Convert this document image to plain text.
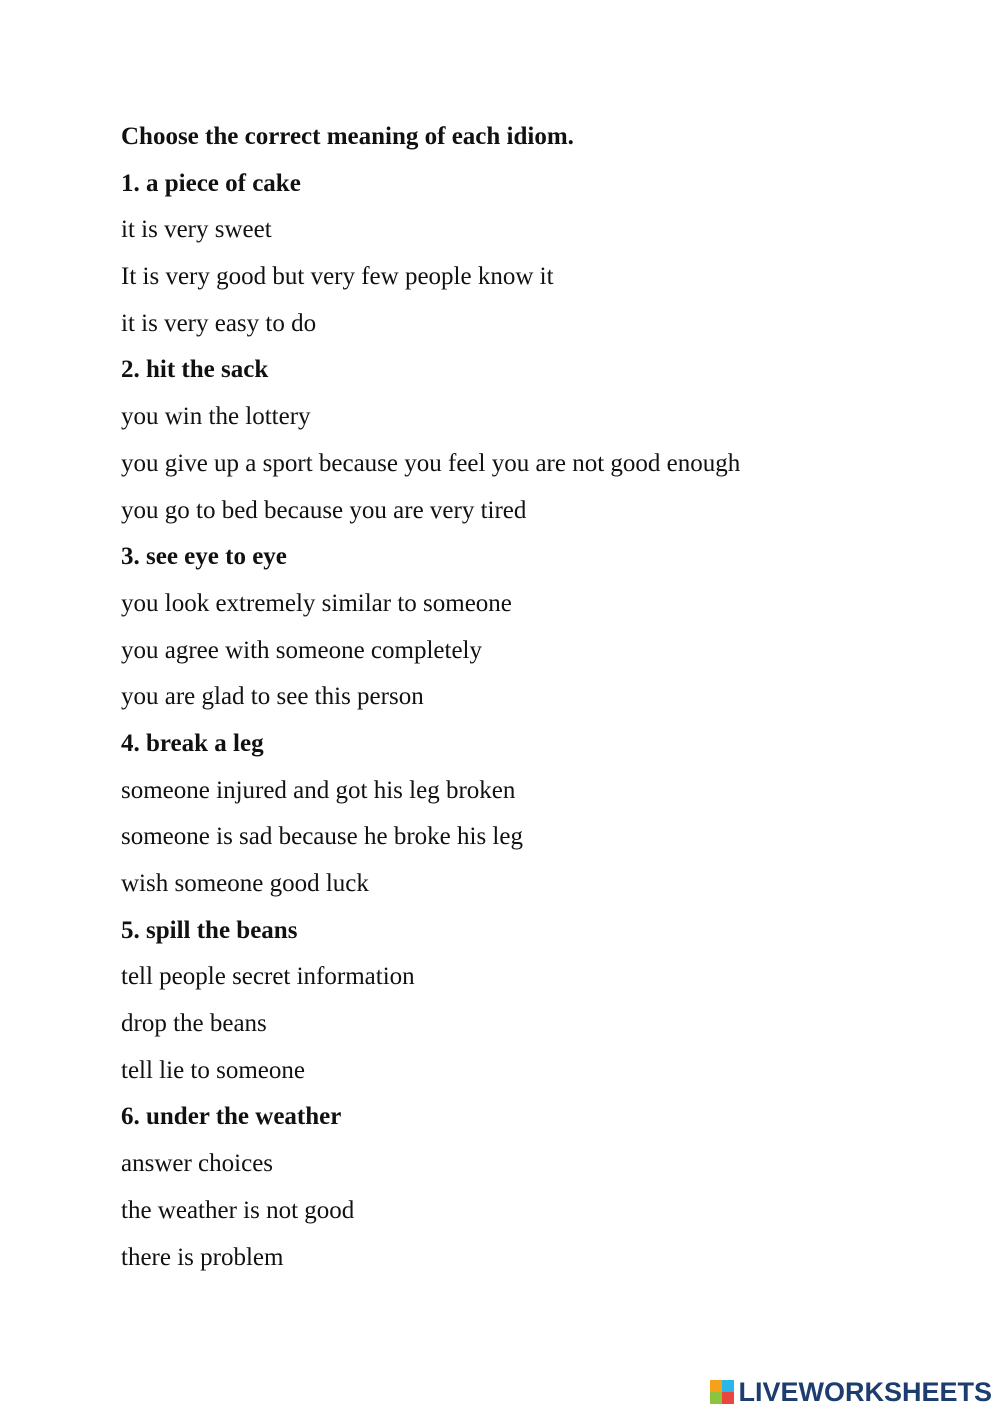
Choose the correct meaning of each idiom.
1. a piece of cake
it is very sweet
It is very good but very few people know it
it is very easy to do
2. hit the sack
you win the lottery
you give up a sport because you feel you are not good enough
you go to bed because you are very tired
3. see eye to eye
you look extremely similar to someone
you agree with someone completely
you are glad to see this person
4. break a leg
someone injured and got his leg broken
someone is sad because he broke his leg
wish someone good luck
5. spill the beans
tell people secret information
drop the beans
tell lie to someone
6. under the weather
answer choices
the weather is not good
there is problem
LIVEWORKSHEETS
